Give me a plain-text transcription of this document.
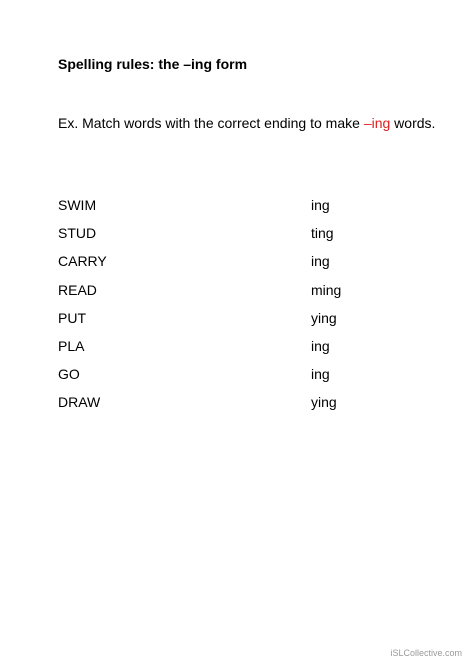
Spelling rules: the –ing form
Ex. Match words with the correct ending to make –ing words.
SWIM	ing
STUD	ting
CARRY	ing
READ	ming
PUT	ying
PLA	ing
GO	ing
DRAW	ying
iSLCollective.com
